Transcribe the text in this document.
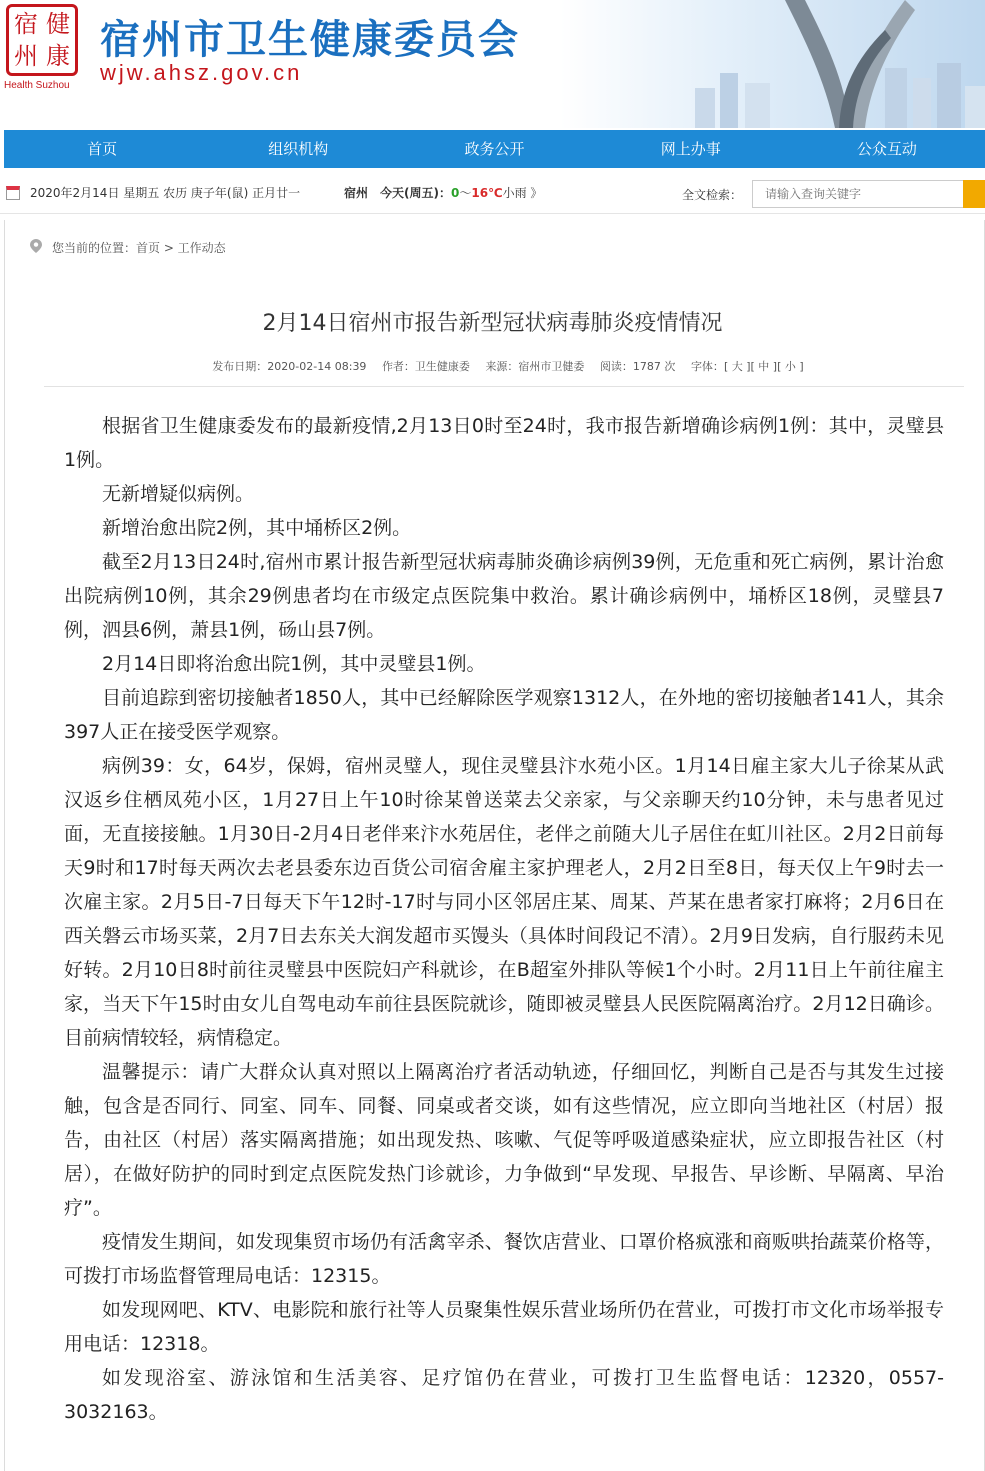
健
宿
康
州
Health Suzhou
宿州市卫生健康委员会
wjw.ahsz.gov.cn
首页	组织机构	政务公开	网上办事	公众互动
2020年2月14日 星期五 农历 庚子年(鼠) 正月廿一	宿州 今天(周五)：0～16℃小雨 》	全文检索：
请输入查询关键字
您当前的位置：首页 > 工作动态
2月14日宿州市报告新型冠状病毒肺炎疫情情况
发布日期：2020-02-14 08:39 作者：卫生健康委 来源：宿州市卫健委 阅读：1787 次 字体：[ 大 ][ 中 ][ 小 ]

根据省卫生健康委发布的最新疫情,2月13日0时至24时，我市报告新增确诊病例1例：其中，灵璧县1例。

无新增疑似病例。

新增治愈出院2例，其中埇桥区2例。

截至2月13日24时,宿州市累计报告新型冠状病毒肺炎确诊病例39例，无危重和死亡病例，累计治愈出院病例10例，其余29例患者均在市级定点医院集中救治。累计确诊病例中，埇桥区18例，灵璧县7例，泗县6例，萧县1例，砀山县7例。

2月14日即将治愈出院1例，其中灵璧县1例。

目前追踪到密切接触者1850人，其中已经解除医学观察1312人，在外地的密切接触者141人，其余397人正在接受医学观察。

病例39：女，64岁，保姆，宿州灵璧人，现住灵璧县汴水苑小区。1月14日雇主家大儿子徐某从武汉返乡住栖凤苑小区，1月27日上午10时徐某曾送菜去父亲家，与父亲聊天约10分钟，未与患者见过面，无直接接触。1月30日-2月4日老伴来汴水苑居住，老伴之前随大儿子居住在虹川社区。2月2日前每天9时和17时每天两次去老县委东边百货公司宿舍雇主家护理老人，2月2日至8日，每天仅上午9时去一次雇主家。2月5日-7日每天下午12时-17时与同小区邻居庄某、周某、芦某在患者家打麻将；2月6日在西关磐云市场买菜，2月7日去东关大润发超市买馒头（具体时间段记不清）。2月9日发病，自行服药未见好转。2月10日8时前往灵璧县中医院妇产科就诊，在B超室外排队等候1个小时。2月11日上午前往雇主家，当天下午15时由女儿自驾电动车前往县医院就诊，随即被灵璧县人民医院隔离治疗。2月12日确诊。目前病情较轻，病情稳定。

温馨提示：请广大群众认真对照以上隔离治疗者活动轨迹，仔细回忆，判断自己是否与其发生过接触，包含是否同行、同室、同车、同餐、同桌或者交谈，如有这些情况，应立即向当地社区（村居）报告，由社区（村居）落实隔离措施；如出现发热、咳嗽、气促等呼吸道感染症状，应立即报告社区（村居），在做好防护的同时到定点医院发热门诊就诊，力争做到“早发现、早报告、早诊断、早隔离、早治疗”。

疫情发生期间，如发现集贸市场仍有活禽宰杀、餐饮店营业、口罩价格疯涨和商贩哄抬蔬菜价格等，可拨打市场监督管理局电话：12315。

如发现网吧、KTV、电影院和旅行社等人员聚集性娱乐营业场所仍在营业，可拨打市文化市场举报专用电话：12318。

如发现浴室、游泳馆和生活美容、足疗馆仍在营业，可拨打卫生监督电话：12320，0557-3032163。
